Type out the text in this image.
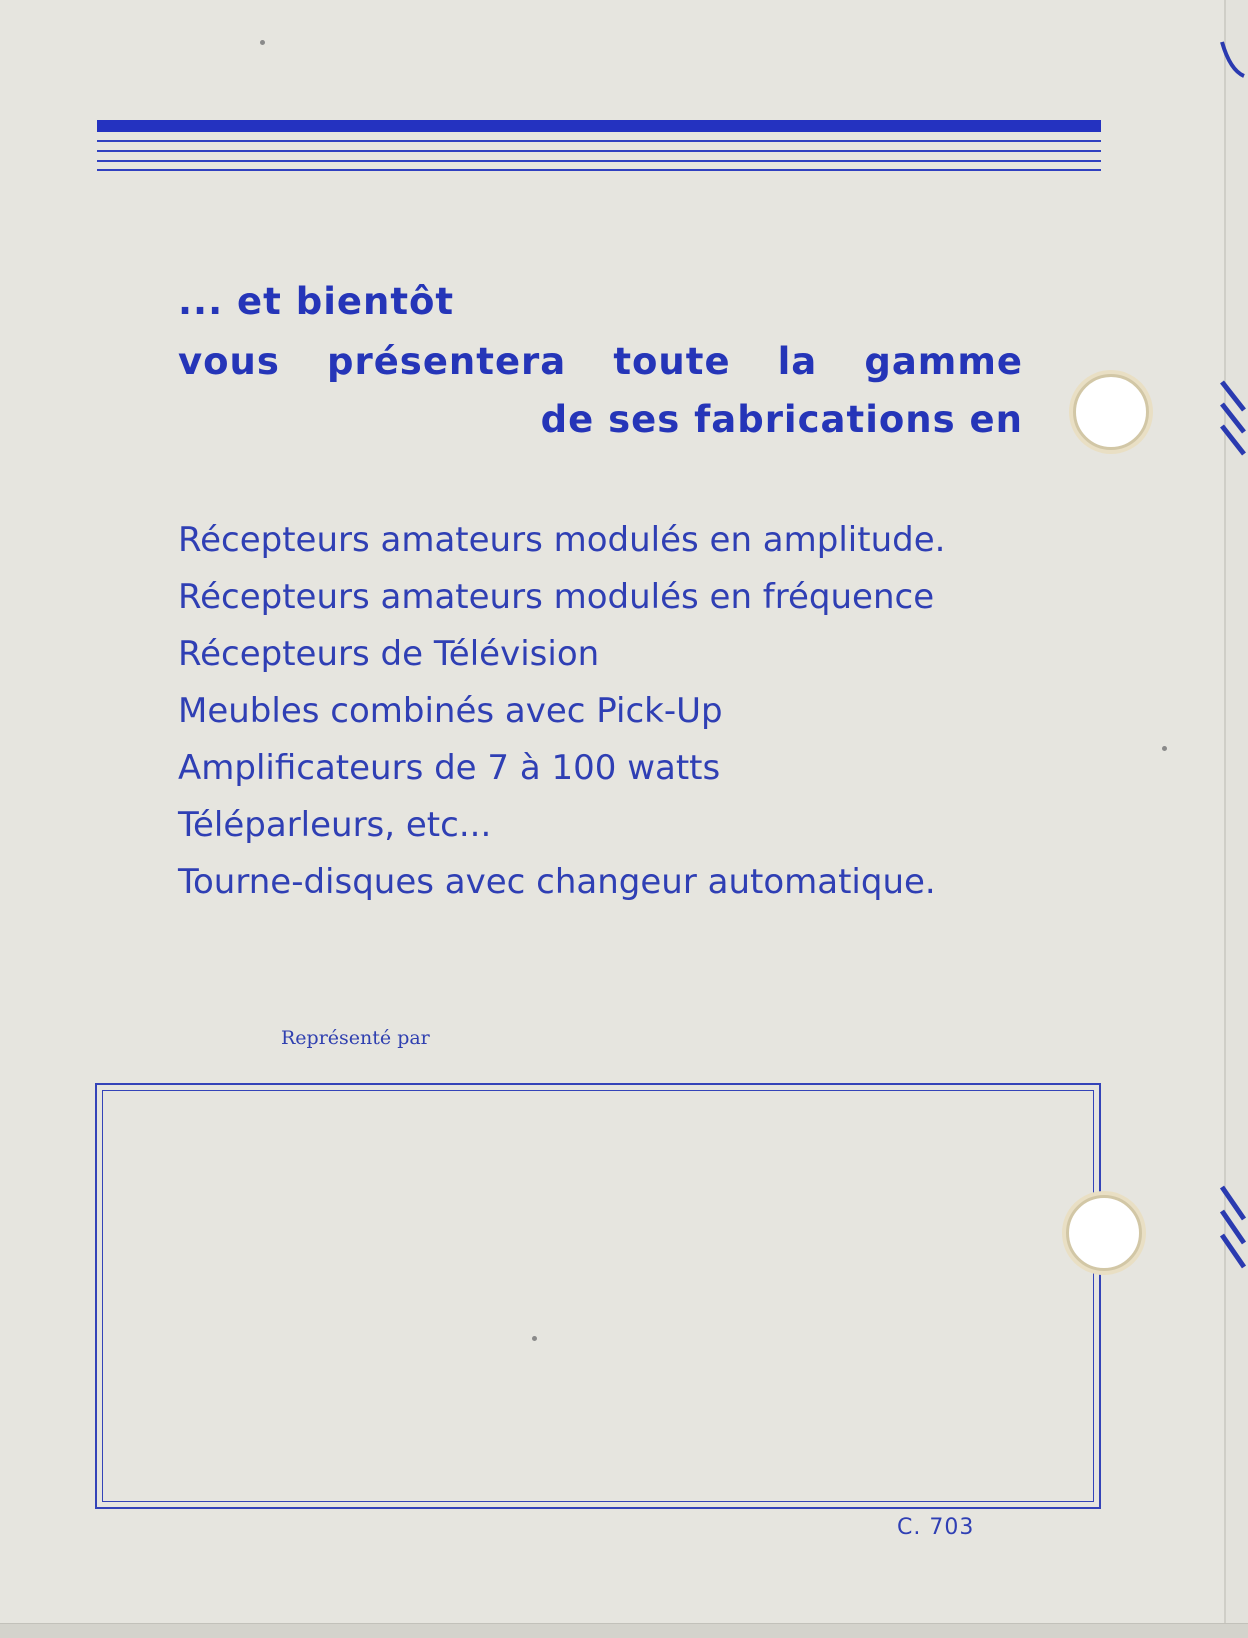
... et bientôt
vous présentera toute la gamme
de ses fabrications en
Récepteurs amateurs modulés en amplitude.
Récepteurs amateurs modulés en fréquence
Récepteurs de Télévision
Meubles combinés avec Pick-Up
Amplificateurs de 7 à 100 watts
Téléparleurs, etc...
Tourne-disques avec changeur automatique.
Représenté par
C. 703
